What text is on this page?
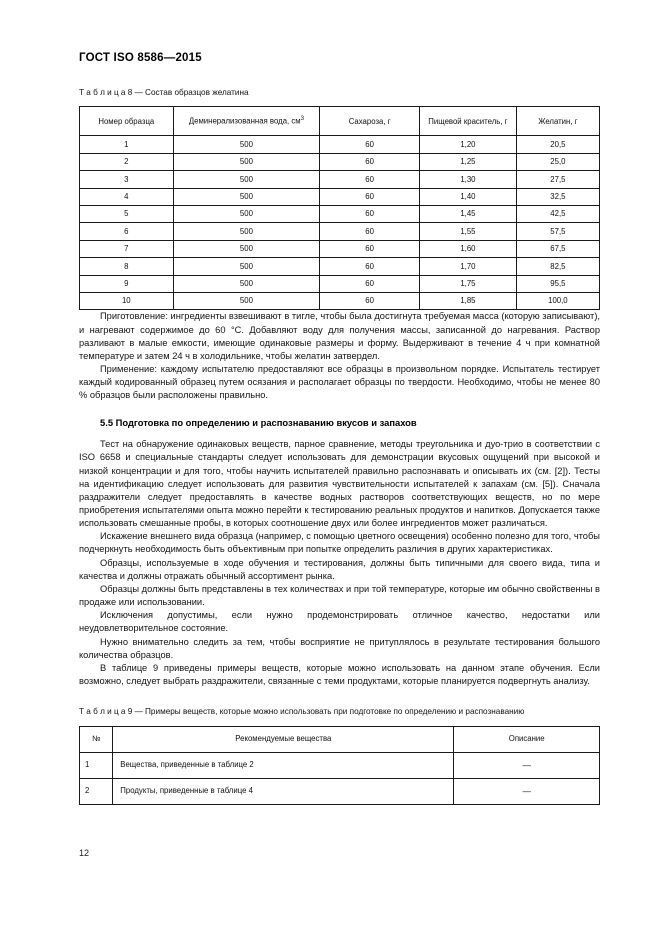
ГОСТ ISO 8586—2015
Т а б л и ц а 8 — Состав образцов желатина
Номер образца	Деминерализованная вода, $см^3$	Сахароза, г	Пищевой краситель, г	Желатин, г
1	500	60	1,20	20,5
2	500	60	1,25	25,0
3	500	60	1,30	27,5
4	500	60	1,40	32,5
5	500	60	1,45	42,5
6	500	60	1,55	57,5
7	500	60	1,60	67,5
8	500	60	1,70	82,5
9	500	60	1,75	95,5
10	500	60	1,85	100,0

Приготовление: ингредиенты взвешивают в тигле, чтобы была достигнута требуемая масса (которую записывают), и нагревают содержимое до 60 °C. Добавляют воду для получения массы, записанной до нагревания. Раствор разливают в малые емкости, имеющие одинаковые размеры и форму. Выдерживают в течение 4 ч при комнатной температуре и затем 24 ч в холодильнике, чтобы желатин затвердел.

Применение: каждому испытателю предоставляют все образцы в произвольном порядке. Испытатель тестирует каждый кодированный образец путем осязания и располагает образцы по твердости. Необходимо, чтобы не менее 80 % образцов были расположены правильно.

5.5 Подготовка по определению и распознаванию вкусов и запахов

Тест на обнаружение одинаковых веществ, парное сравнение, методы треугольника и дуо-трио в соответствии с ISO 6658 и специальные стандарты следует использовать для демонстрации вкусовых ощущений при высокой и низкой концентрации и для того, чтобы научить испытателей правильно распознавать и описывать их (см. [2]). Тесты на идентификацию следует использовать для развития чувствительности испытателей к запахам (см. [5]). Сначала раздражители следует предоставлять в качестве водных растворов соответствующих веществ, но по мере приобретения испытателями опыта можно перейти к тестированию реальных продуктов и напитков. Допускается также использовать смешанные пробы, в которых соотношение двух или более ингредиентов может различаться.

Искажение внешнего вида образца (например, с помощью цветного освещения) особенно полезно для того, чтобы подчеркнуть необходимость быть объективным при попытке определить различия в других характеристиках.

Образцы, используемые в ходе обучения и тестирования, должны быть типичными для своего вида, типа и качества и должны отражать обычный ассортимент рынка.

Образцы должны быть представлены в тех количествах и при той температуре, которые им обычно свойственны в продаже или использовании.

Исключения допустимы, если нужно продемонстрировать отличное качество, недостатки или неудовлетворительное состояние.

Нужно внимательно следить за тем, чтобы восприятие не притуплялось в результате тестирования большого количества образцов.

В таблице 9 приведены примеры веществ, которые можно использовать на данном этапе обучения. Если возможно, следует выбрать раздражители, связанные с теми продуктами, которые планируется подвергнуть анализу.

Т а б л и ц а 9 — Примеры веществ, которые можно использовать при подготовке по определению и распознаванию
№	Рекомендуемые вещества	Описание
1	Вещества, приведенные в таблице 2	—
2	Продукты, приведенные в таблице 4	—
12
